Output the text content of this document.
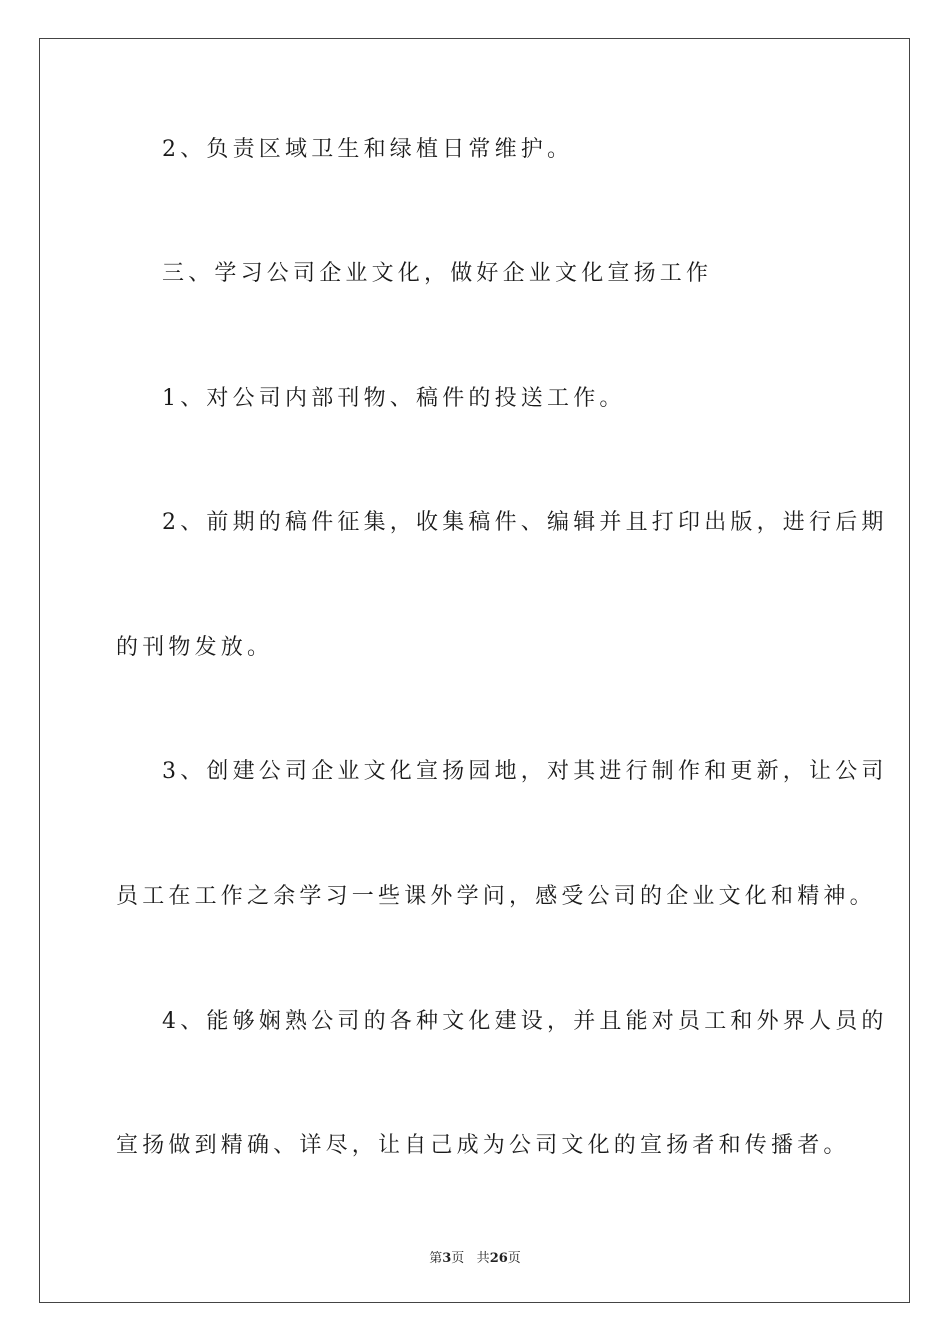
2、负责区域卫生和绿植日常维护。
三、学习公司企业文化，做好企业文化宣扬工作
1、对公司内部刊物、稿件的投送工作。
2、前期的稿件征集，收集稿件、编辑并且打印出版，进行后期
的刊物发放。
3、创建公司企业文化宣扬园地，对其进行制作和更新，让公司
员工在工作之余学习一些课外学问，感受公司的企业文化和精神。
4、能够娴熟公司的各种文化建设，并且能对员工和外界人员的
宣扬做到精确、详尽，让自己成为公司文化的宣扬者和传播者。
第3页 共26页
